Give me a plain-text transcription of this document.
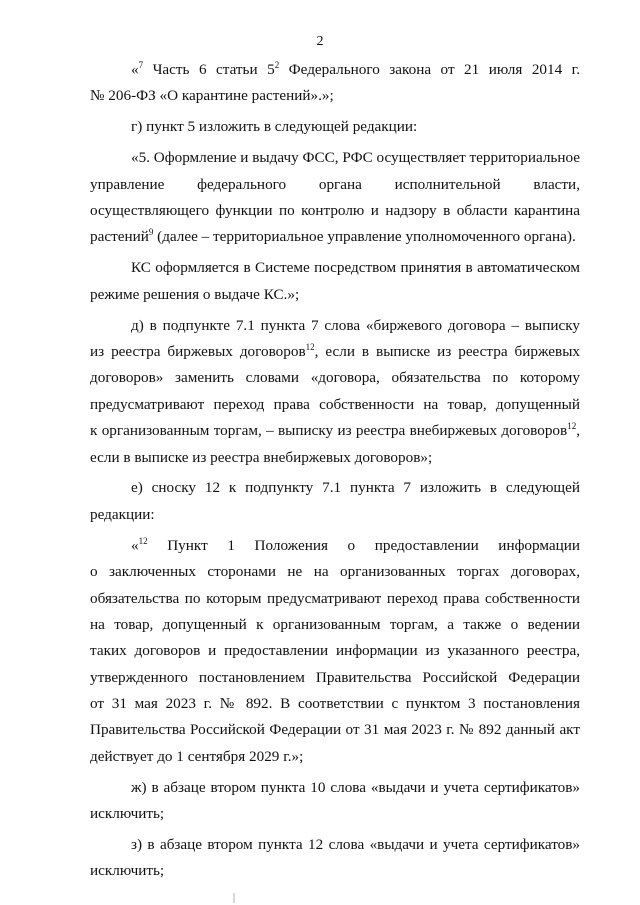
2
«$^7$ Часть 6 статьи $5^2$ Федерального закона от 21 июля 2014 г.
№ 206-ФЗ «О карантине растений».»;
г) пункт 5 изложить в следующей редакции:
«5. Оформление и выдачу ФСС, РФС осуществляет территориальное
управление федерального органа исполнительной власти,
осуществляющего функции по контролю и надзору в области карантина
растений$^9$ (далее – территориальное управление уполномоченного органа).
КС оформляется в Системе посредством принятия в автоматическом
режиме решения о выдаче КС.»;
д) в подпункте 7.1 пункта 7 слова «биржевого договора – выписку
из реестра биржевых договоров$^{12}$, если в выписке из реестра биржевых
договоров» заменить словами «договора, обязательства по которому
предусматривают переход права собственности на товар, допущенный
к организованным торгам, – выписку из реестра внебиржевых договоров$^{12}$,
если в выписке из реестра внебиржевых договоров»;
е) сноску 12 к подпункту 7.1 пункта 7 изложить в следующей
редакции:
«$^{12}$ Пункт 1 Положения о предоставлении информации
о заключенных сторонами не на организованных торгах договорах,
обязательства по которым предусматривают переход права собственности
на товар, допущенный к организованным торгам, а также о ведении
таких договоров и предоставлении информации из указанного реестра,
утвержденного постановлением Правительства Российской Федерации
от 31 мая 2023 г. № 892. В соответствии с пунктом 3 постановления
Правительства Российской Федерации от 31 мая 2023 г. № 892 данный акт
действует до 1 сентября 2029 г.»;
ж) в абзаце втором пункта 10 слова «выдачи и учета сертификатов»
исключить;
з) в абзаце втором пункта 12 слова «выдачи и учета сертификатов»
исключить;
